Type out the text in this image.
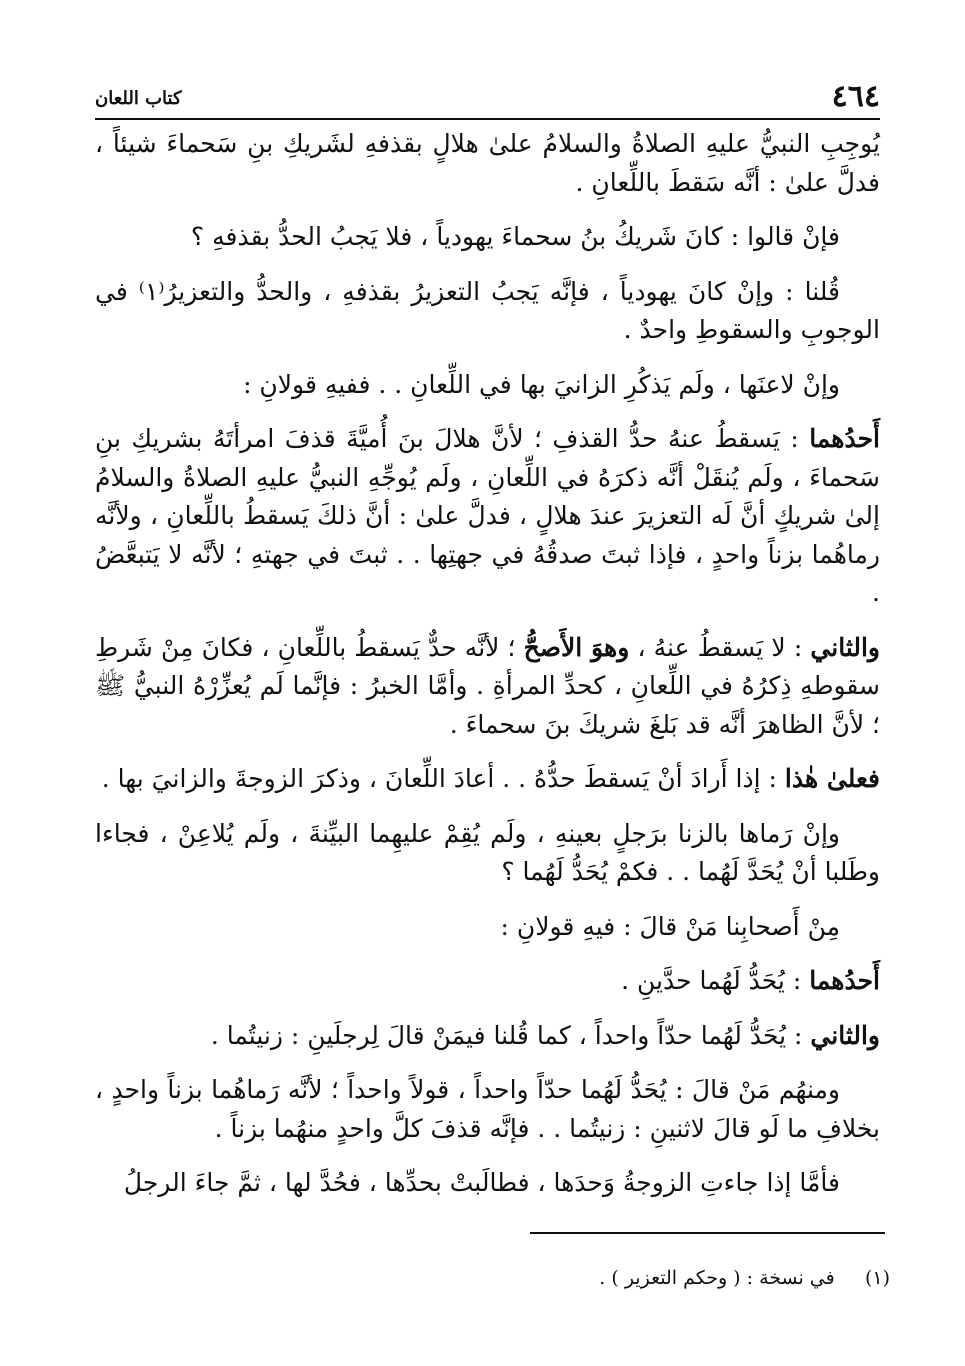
٤٦٤
كتاب اللعان

يُوجِبِ النبيُّ عليهِ الصلاةُ والسلامُ علىٰ هلالٍ بقذفهِ لشَريكِ بنِ سَحماءَ شيئاً ، فدلَّ علىٰ : أنَّه سَقطَ باللِّعانِ .

فإنْ قالوا : كانَ شَريكُ بنُ سحماءَ يهودياً ، فلا يَجبُ الحدُّ بقذفهِ ؟

قُلنا : وإنْ كانَ يهودياً ، فإنَّه يَجبُ التعزيرُ بقذفهِ ، والحدُّ والتعزيرُ⁽١⁾ في الوجوبِ والسقوطِ واحدٌ .

وإنْ لاعنَها ، ولَم يَذكُرِ الزانيَ بها في اللِّعانِ . . ففيهِ قولانِ :

أَحدُهما : يَسقطُ عنهُ حدُّ القذفِ ؛ لأنَّ هلالَ بنَ أُميَّةَ قذفَ امرأتَهُ بشريكِ بنِ سَحماءَ ، ولَم يُنقَلْ أنَّه ذكرَهُ في اللِّعانِ ، ولَم يُوجِّهِ النبيُّ عليهِ الصلاةُ والسلامُ إلىٰ شريكٍ أنَّ لَه التعزيرَ عندَ هلالٍ ، فدلَّ علىٰ : أنَّ ذلكَ يَسقطُ باللِّعانِ ، ولأنَّه رماهُما بزناً واحدٍ ، فإذا ثبتَ صدقُهُ في جهتِها . . ثبتَ في جهتهِ ؛ لأنَّه لا يَتبعَّضُ .

والثاني : لا يَسقطُ عنهُ ، وهوَ الأَصحُّ ؛ لأنَّه حدٌّ يَسقطُ باللِّعانِ ، فكانَ مِنْ شَرطِ سقوطهِ ذِكرُهُ في اللِّعانِ ، كحدِّ المرأةِ . وأمَّا الخبرُ : فإنَّما لَم يُعزِّرْهُ النبيُّ ﷺ ؛ لأنَّ الظاهرَ أنَّه قد بَلغَ شريكَ بنَ سحماءَ .

فعلىٰ هٰذا : إذا أَرادَ أنْ يَسقطَ حدُّهُ . . أعادَ اللِّعانَ ، وذكرَ الزوجةَ والزانيَ بها .

وإنْ رَماها بالزنا برَجلٍ بعينهِ ، ولَم يُقِمْ عليهِما البيِّنةَ ، ولَم يُلاعِنْ ، فجاءا وطَلبا أنْ يُحَدَّ لَهُما . . فكمْ يُحَدُّ لَهُما ؟

مِنْ أَصحابِنا مَنْ قالَ : فيهِ قولانِ :

أَحدُهما : يُحَدُّ لَهُما حدَّينِ .

والثاني : يُحَدُّ لَهُما حدّاً واحداً ، كما قُلنا فيمَنْ قالَ لِرجلَينِ : زنيتُما .

ومنهُم مَنْ قالَ : يُحَدُّ لَهُما حدّاً واحداً ، قولاً واحداً ؛ لأنَّه رَماهُما بزناً واحدٍ ، بخلافِ ما لَو قالَ لاثنينِ : زنيتُما . . فإنَّه قذفَ كلَّ واحدٍ منهُما بزناً .

فأمَّا إذا جاءتِ الزوجةُ وَحدَها ، فطالَبتْ بحدِّها ، فحُدَّ لها ، ثمَّ جاءَ الرجلُ

(١)     في نسخة : ( وحكم التعزير ) .
